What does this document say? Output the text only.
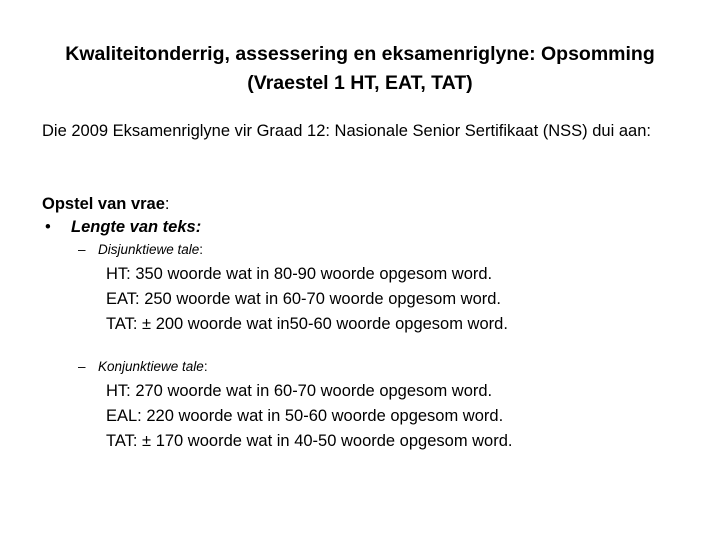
Kwaliteitonderrig, assessering en eksamenriglyne: Opsomming
(Vraestel 1 HT, EAT, TAT)
Die 2009 Eksamenriglyne vir Graad 12: Nasionale Senior Sertifikaat (NSS) dui aan:
Opstel van vrae:
• Lengte van teks:
– Disjunktiewe tale:
HT: 350 woorde wat in 80-90 woorde opgesom word.
EAT: 250 woorde wat in 60-70 woorde opgesom word.
TAT: ± 200 woorde wat in50-60 woorde opgesom word.
– Konjunktiewe tale:
HT: 270 woorde wat in 60-70 woorde opgesom word.
EAL: 220 woorde wat in 50-60 woorde opgesom word.
TAT: ± 170 woorde wat in 40-50 woorde opgesom word.
